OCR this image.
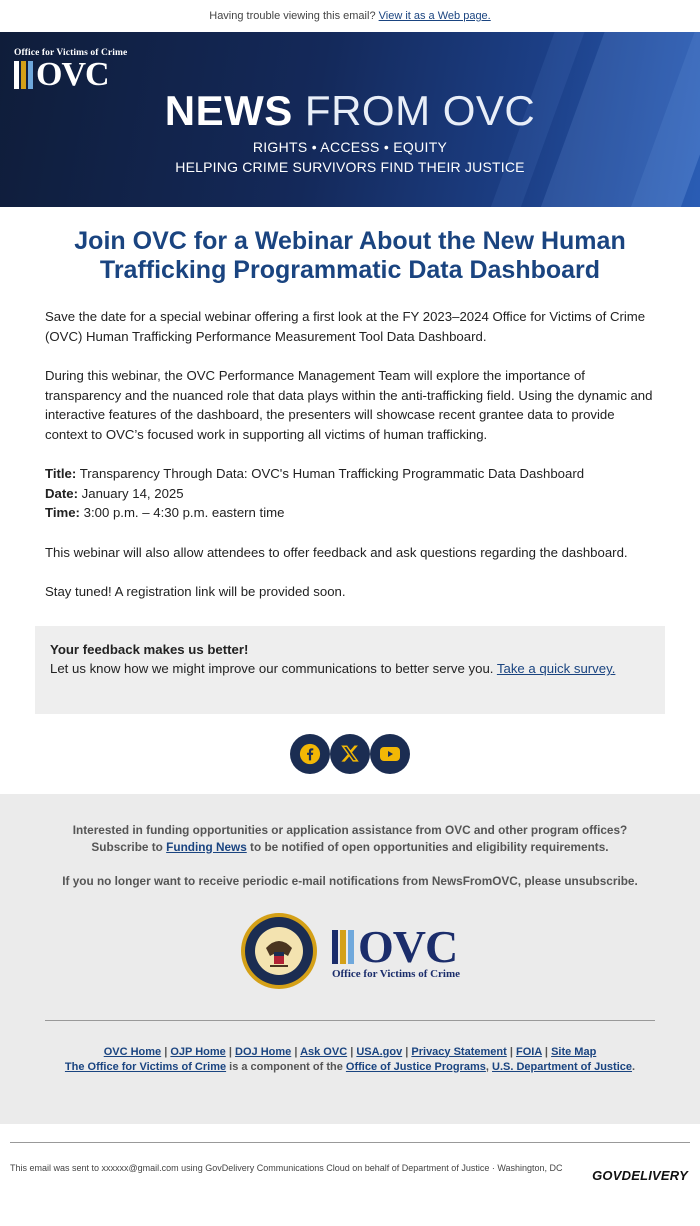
Having trouble viewing this email? View it as a Web page.
Office for Victims of Crime
OVC
NEWS FROM OVC
RIGHTS • ACCESS • EQUITY
HELPING CRIME SURVIVORS FIND THEIR JUSTICE
Join OVC for a Webinar About the New Human Trafficking Programmatic Data Dashboard

Save the date for a special webinar offering a first look at the FY 2023–2024 Office for Victims of Crime (OVC) Human Trafficking Performance Measurement Tool Data Dashboard.

During this webinar, the OVC Performance Management Team will explore the importance of transparency and the nuanced role that data plays within the anti-trafficking field. Using the dynamic and interactive features of the dashboard, the presenters will showcase recent grantee data to provide context to OVC’s focused work in supporting all victims of human trafficking.

Title: Transparency Through Data: OVC's Human Trafficking Programmatic Data Dashboard
Date: January 14, 2025
Time: 3:00 p.m. – 4:30 p.m. eastern time

This webinar will also allow attendees to offer feedback and ask questions regarding the dashboard.

Stay tuned! A registration link will be provided soon.

Your feedback makes us better!
Let us know how we might improve our communications to better serve you. Take a quick survey.
Interested in funding opportunities or application assistance from OVC and other program offices?
Subscribe to Funding News to be notified of open opportunities and eligibility requirements.
If you no longer want to receive periodic e-mail notifications from NewsFromOVC, please unsubscribe.
OVC
Office for Victims of Crime
OVC Home | OJP Home | DOJ Home | Ask OVC | USA.gov | Privacy Statement | FOIA | Site Map
The Office for Victims of Crime is a component of the Office of Justice Programs, U.S. Department of Justice.
This email was sent to xxxxxx@gmail.com using GovDelivery Communications Cloud on behalf of Department of Justice · Washington, DC	GOVDELIVERY
